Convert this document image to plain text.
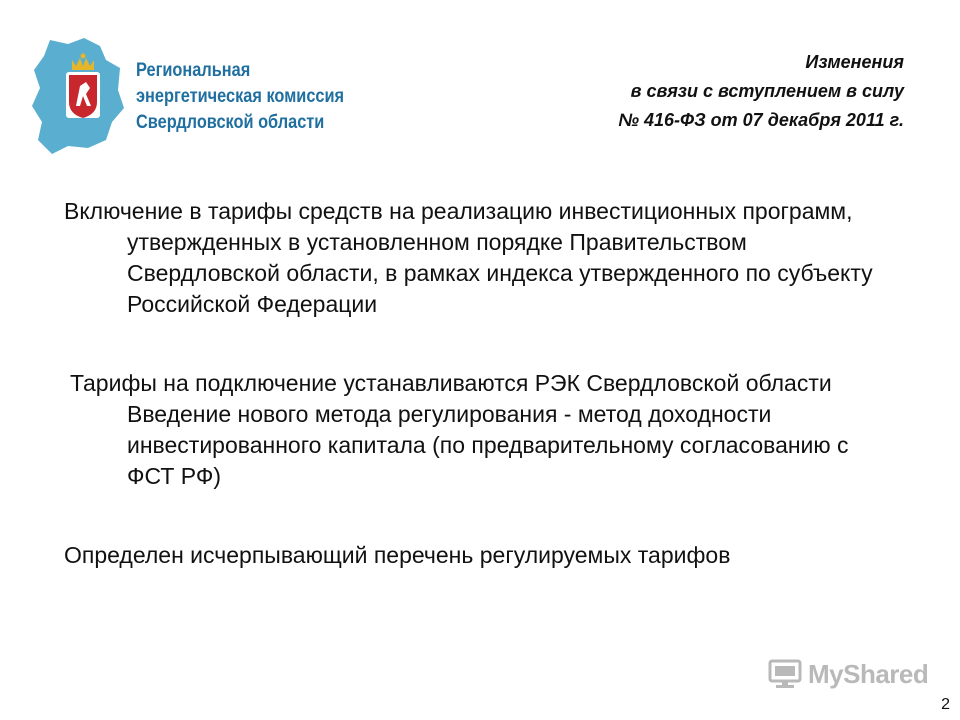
Региональная
энергетическая комиссия
Свердловской области
Изменения
в связи с вступлением в силу
№ 416-ФЗ от 07 декабря 2011 г.
Включение в тарифы средств на реализацию инвестиционных программ, утвержденных в установленном порядке Правительством Свердловской области, в рамках индекса утвержденного по субъекту Российской Федерации
Тарифы на подключение устанавливаются РЭК Свердловской области Введение нового метода регулирования - метод доходности инвестированного капитала (по предварительному согласованию с ФСТ РФ)
Определен исчерпывающий перечень регулируемых тарифов
MyShared
2
